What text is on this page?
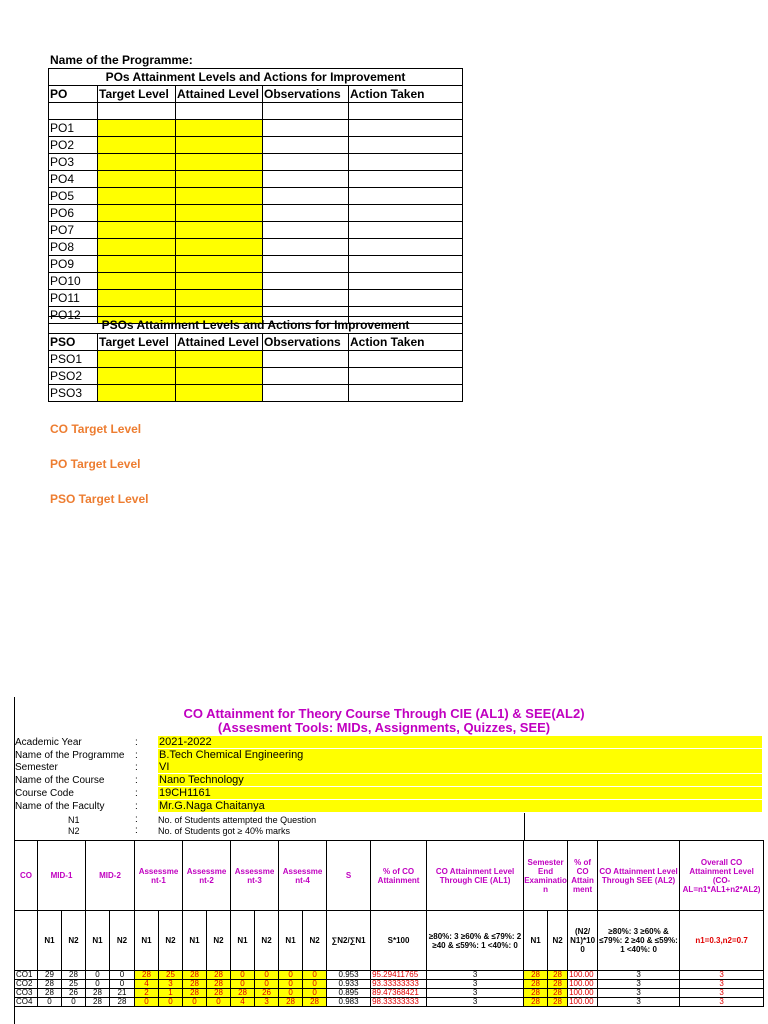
Name of the Programme:
POs Attainment Levels and Actions for Improvement				
PO	Target Level	Attained Level	Observations	Action Taken

PO1				
PO2				
PO3				
PO4				
PO5				
PO6				
PO7				
PO8				
PO9				
PO10				
PO11				
PO12				
PSOs Attainment Levels and Actions for Improvement				
PSO	Target Level	Attained Level	Observations	Action Taken
PSO1				
PSO2				
PSO3				
CO Target Level
PO Target Level
PSO Target Level
CO Attainment for Theory Course Through CIE (AL1) & SEE(AL2)
(Assesment Tools: MIDs, Assignments, Quizzes, SEE)
Academic Year	: 2021-2022
Name of the Programme	: B.Tech Chemical Engineering
Semester	: VI
Name of the Course	: Nano Technology
Course Code	: 19CH1161
Name of the Faculty	: Mr.G.Naga Chaitanya
N1	: No. of Students attempted the Question
N2	: No. of Students got ≥ 40% marks
CO	MID-1		MID-2		Assessme nt-1		Assessme nt-2		Assessme nt-3		Assessme nt-4		S	% of CO Attainment	CO Attainment Level Through CIE (AL1)	Semester End Examinatio n		% of CO Attain ment	CO Attainment Level Through SEE (AL2)	Overall CO Attainment Level (CO-AL=n1*AL1+n2*AL2)
	N1	N2	N1	N2	N1	N2	N1	N2	N1	N2	N1	N2	∑N2/∑N1	S*100	≥80%: 3 ≥60% & ≤79%: 2 ≥40 & ≤59%: 1 <40%: 0	N1	N2	(N2/ N1)*10 0	≥80%: 3 ≥60% & ≤79%: 2 ≥40 & ≤59%: 1 <40%: 0	n1=0.3,n2=0.7
CO1	29	28	0	0	28	25	28	28	0	0	0	0	0.953	95.29411765	3	28	28	100.00	3	3
CO2	28	25	0	0	4	3	28	28	0	0	0	0	0.933	93.33333333	3	28	28	100.00	3	3
CO3	28	26	28	21	2	1	28	28	28	26	0	0	0.895	89.47368421	3	28	28	100.00	3	3
CO4	0	0	28	28	0	0	0	0	4	3	28	28	0.983	98.33333333	3	28	28	100.00	3	3
